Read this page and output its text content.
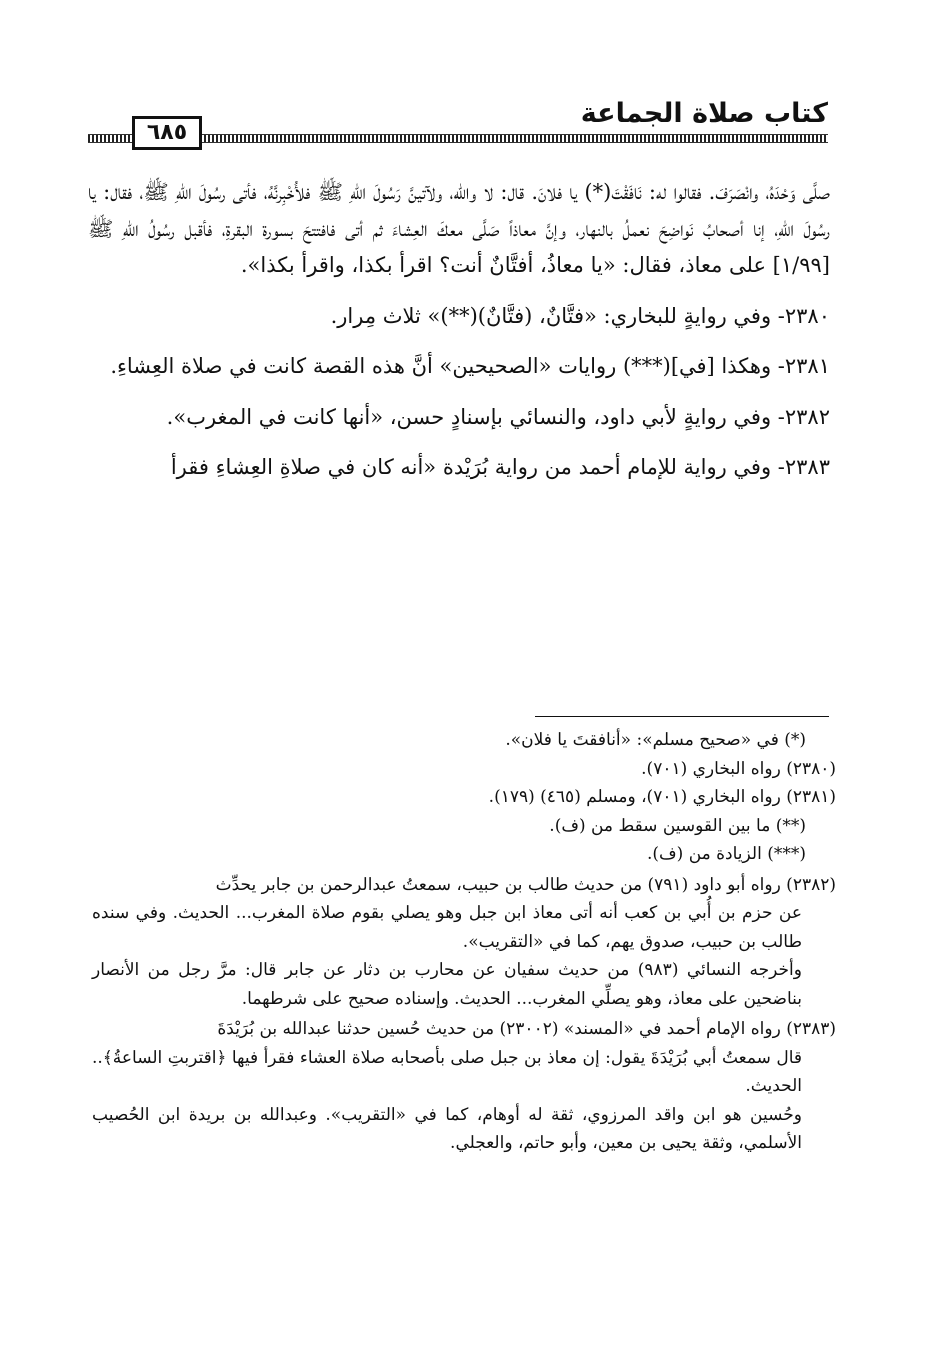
كتاب صلاة الجماعة
٦٨٥

صلَّى وَحْدَهُ، وانْصَرَفَ. فقالوا له: نَافَقْتَ(*) يا فلانَ. قال: لا والله، ولآتينَّ رَسُولَ اللهِ ﷺ فلأُخْبِرنَّهُ، فأتى رسُولَ اللهِ ﷺ، فقال: يا رسُولَ اللهِ، إنا أصحابُ نَواضِحَ نعملُ بالنهار، وإنَّ معاذاً صَلَّى معكَ العِشاءَ ثم أتى فافتتحَ بسورة البقرةِ، فأقبل رسُولُ اللهِ ﷺ [١/٩٩] على معاذ، فقال: «يا معاذُ، أفتَّانٌ أنت؟ اقرأ بكذا، واقرأ بكذا».

٢٣٨٠- وفي روايةٍ للبخاري: «فتَّانٌ، (فتَّانٌ)(**)» ثلاث مِرار.

٢٣٨١- وهكذا [في](***) روايات «الصحيحين» أنَّ هذه القصة كانت في صلاة العِشاءِ.

٢٣٨٢- وفي روايةٍ لأبي داود، والنسائي بإسنادٍ حسن، «أنها كانت في المغرب».

٢٣٨٣- وفي رواية للإمام أحمد من رواية بُرَيْدة «أنه كان في صلاةِ العِشاءِ فقرأ

(*) في «صحيح مسلم»: «أنافقتَ يا فلان».

(٢٣٨٠) رواه البخاري (٧٠١).

(٢٣٨١) رواه البخاري (٧٠١)، ومسلم (٤٦٥) (١٧٩).

(**) ما بين القوسين سقط من (ف).

(***) الزيادة من (ف).

(٢٣٨٢) رواه أبو داود (٧٩١) من حديث طالب بن حبيب، سمعتُ عبدالرحمن بن جابر يحدِّث

عن حزم بن أُبي بن كعب أنه أتى معاذ ابن جبل وهو يصلي بقوم صلاة المغرب... الحديث. وفي سنده طالب بن حبيب، صدوق يهم، كما في «التقريب».

وأخرجه النسائي (٩٨٣) من حديث سفيان عن محارب بن دثار عن جابر قال: مرَّ رجل من الأنصار بناضحين على معاذ، وهو يصلِّي المغرب... الحديث. وإسناده صحيح على شرطهما.

(٢٣٨٣) رواه الإمام أحمد في «المسند» (٢٣٠٠٢) من حديث حُسين حدثنا عبدالله بن بُرَيْدَةَ

قال سمعتُ أبي بُرَيْدَةَ يقول: إن معاذ بن جبل صلى بأصحابه صلاة العشاء فقرأ فيها ﴿اقتربتِ الساعةُ﴾.. الحديث.

وحُسين هو ابن واقد المرزوي، ثقة له أوهام، كما في «التقريب». وعبدالله بن بريدة ابن الحُصيب الأسلمي، وثقة يحيى بن معين، وأبو حاتم، والعجلي.
